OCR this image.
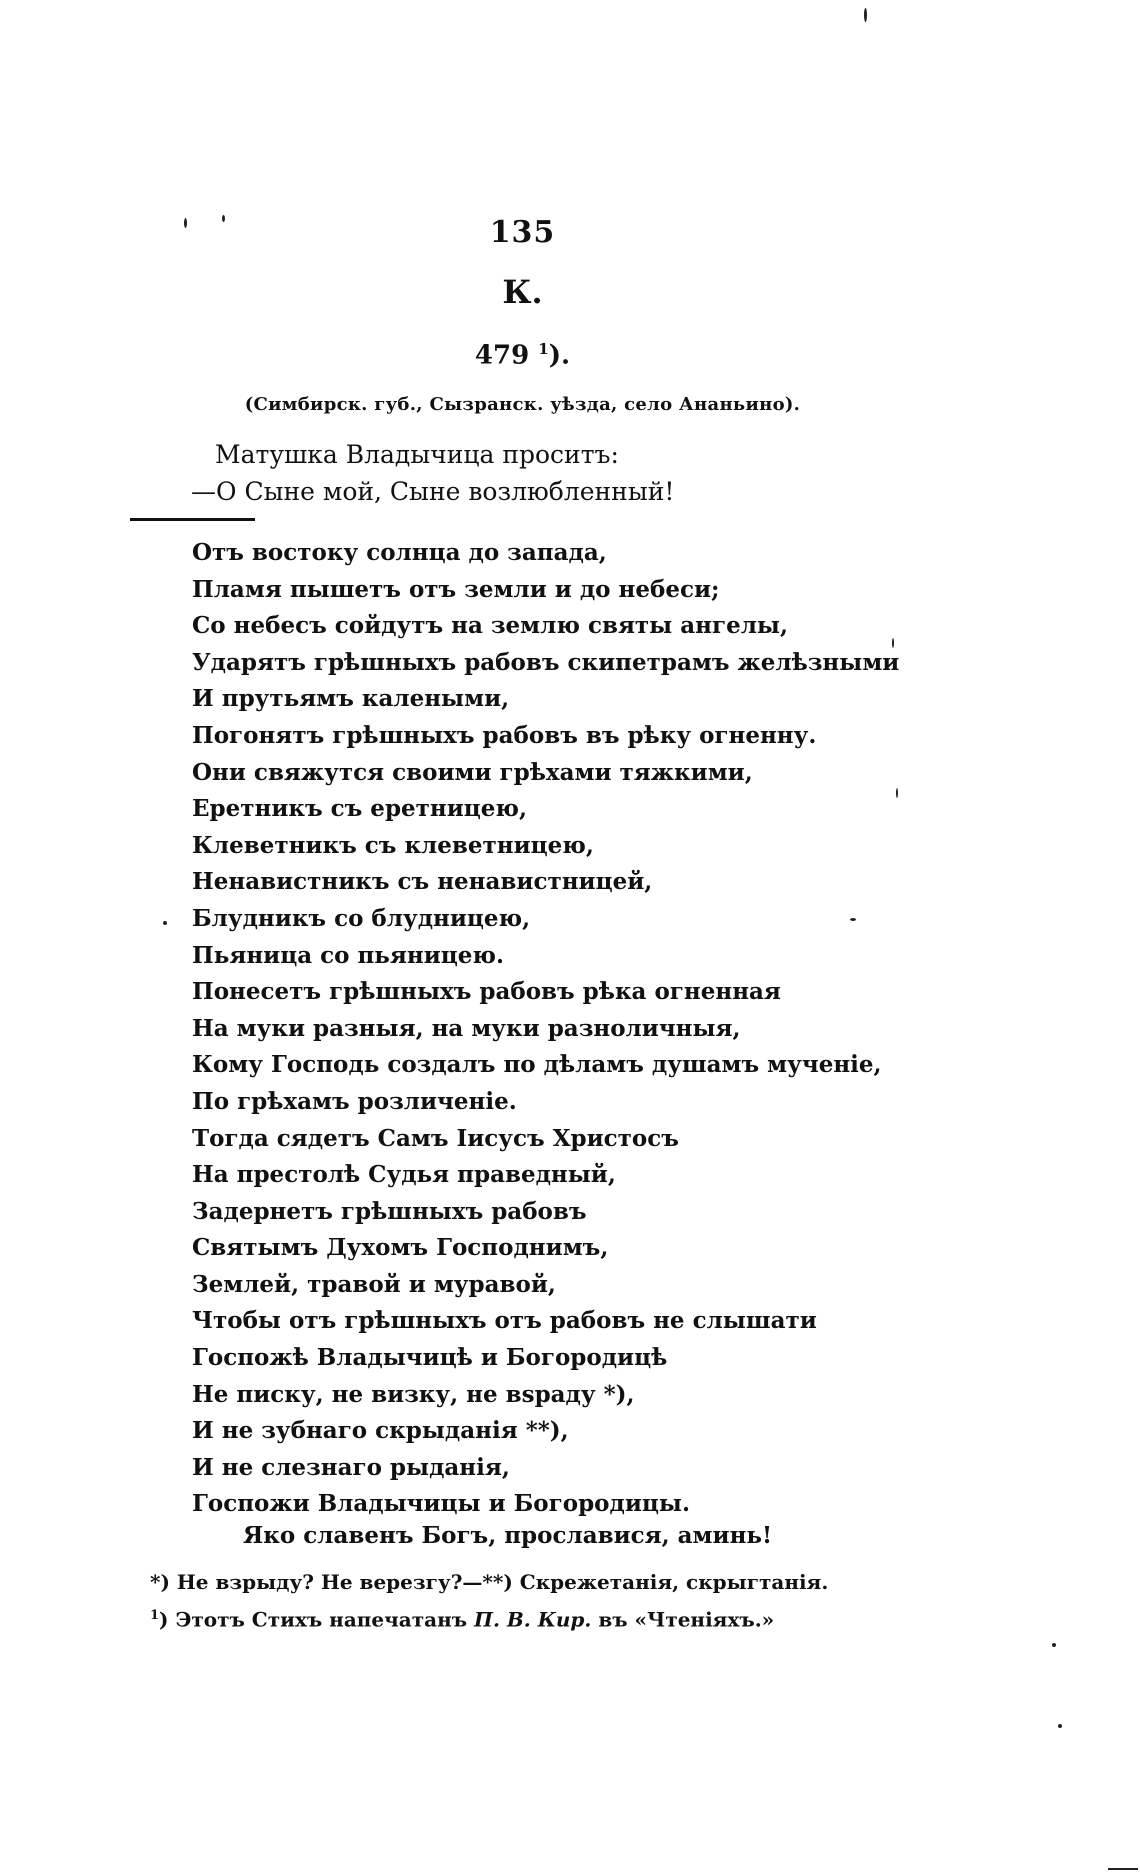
135
К.
479 $^1$).
(Симбирск. губ., Сызранск. уѣзда, село Ананьино).
Матушка Владычица проситъ:
—О Сыне мой, Сыне возлюбленный!
Отъ востоку солнца до запада,
Пламя пышетъ отъ земли и до небеси;
Со небесъ сойдутъ на землю святы ангелы,
Ударятъ грѣшныхъ рабовъ скипетрамъ желѣзными
И прутьямъ калеными,
Погонятъ грѣшныхъ рабовъ въ рѣку огненну.
Они свяжутся своими грѣхами тяжкими,
Еретникъ съ еретницею,
Клеветникъ съ клеветницею,
Ненавистникъ съ ненавистницей,
Блудникъ со блудницею,
Пьяница со пьяницею.
Понесетъ грѣшныхъ рабовъ рѣка огненная
На муки разныя, на муки разноличныя,
Кому Господь создалъ по дѣламъ душамъ мученіе,
По грѣхамъ розличеніе.
Тогда сядетъ Самъ Іисусъ Христосъ
На престолѣ Судья праведный,
Задернетъ грѣшныхъ рабовъ
Святымъ Духомъ Господнимъ,
Землей, травой и муравой,
Чтобы отъ грѣшныхъ отъ рабовъ не слышати
Госпожѣ Владычицѣ и Богородицѣ
Не писку, не визку, не вѕраду *),
И не зубнаго скрыданія **),
И не слезнаго рыданія,
Госпожи Владычицы и Богородицы.
Яко славенъ Богъ, прославися, аминь!
*) Не взрыду? Не верезгу?—**) Скрежетанія, скрыгтанія.
$^1$) Этотъ Стихъ напечатанъ П. В. Кир. въ «Чтеніяхъ.»
